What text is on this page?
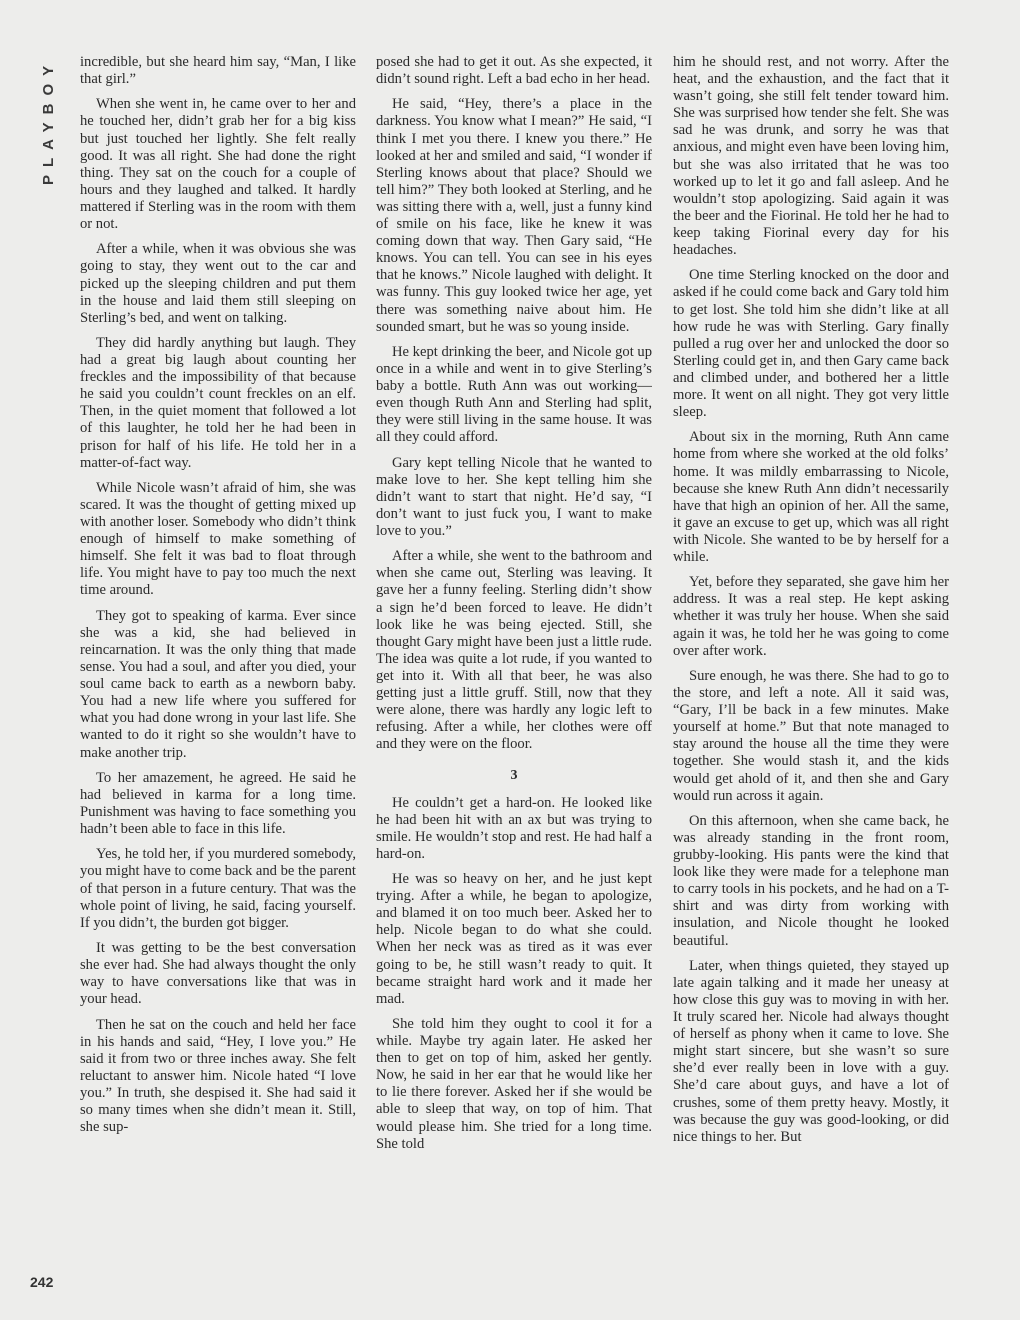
PLAYBOY	incredible, but she heard him say, “Man, I like that girl.”

When she went in, he came over to her and he touched her, didn’t grab her for a big kiss but just touched her lightly. She felt really good. It was all right. She had done the right thing. They sat on the couch for a couple of hours and they laughed and talked. It hardly mattered if Sterling was in the room with them or not.

After a while, when it was obvious she was going to stay, they went out to the car and picked up the sleeping children and put them in the house and laid them still sleeping on Sterling’s bed, and went on talking.

They did hardly anything but laugh. They had a great big laugh about counting her freckles and the impossibility of that because he said you couldn’t count freckles on an elf. Then, in the quiet moment that followed a lot of this laughter, he told her he had been in prison for half of his life. He told her in a matter-of-fact way.

While Nicole wasn’t afraid of him, she was scared. It was the thought of getting mixed up with another loser. Somebody who didn’t think enough of himself to make something of himself. She felt it was bad to float through life. You might have to pay too much the next time around.

They got to speaking of karma. Ever since she was a kid, she had believed in reincarnation. It was the only thing that made sense. You had a soul, and after you died, your soul came back to earth as a newborn baby. You had a new life where you suffered for what you had done wrong in your last life. She wanted to do it right so she wouldn’t have to make another trip.

To her amazement, he agreed. He said he had believed in karma for a long time. Punishment was having to face something you hadn’t been able to face in this life.

Yes, he told her, if you murdered somebody, you might have to come back and be the parent of that person in a future century. That was the whole point of living, he said, facing yourself. If you didn’t, the burden got bigger.

It was getting to be the best conversation she ever had. She had always thought the only way to have conversations like that was in your head.

Then he sat on the couch and held her face in his hands and said, “Hey, I love you.” He said it from two or three inches away. She felt reluctant to answer him. Nicole hated “I love you.” In truth, she despised it. She had said it so many times when she didn’t mean it. Still, she sup-

posed she had to get it out. As she expected, it didn’t sound right. Left a bad echo in her head.

He said, “Hey, there’s a place in the darkness. You know what I mean?” He said, “I think I met you there. I knew you there.” He looked at her and smiled and said, “I wonder if Sterling knows about that place? Should we tell him?” They both looked at Sterling, and he was sitting there with a, well, just a funny kind of smile on his face, like he knew it was coming down that way. Then Gary said, “He knows. You can tell. You can see in his eyes that he knows.” Nicole laughed with delight. It was funny. This guy looked twice her age, yet there was something naive about him. He sounded smart, but he was so young inside.

He kept drinking the beer, and Nicole got up once in a while and went in to give Sterling’s baby a bottle. Ruth Ann was out working—even though Ruth Ann and Sterling had split, they were still living in the same house. It was all they could afford.

Gary kept telling Nicole that he wanted to make love to her. She kept telling him she didn’t want to start that night. He’d say, “I don’t want to just fuck you, I want to make love to you.”

After a while, she went to the bathroom and when she came out, Sterling was leaving. It gave her a funny feeling. Sterling didn’t show a sign he’d been forced to leave. He didn’t look like he was being ejected. Still, she thought Gary might have been just a little rude. The idea was quite a lot rude, if you wanted to get into it. With all that beer, he was also getting just a little gruff. Still, now that they were alone, there was hardly any logic left to refusing. After a while, her clothes were off and they were on the floor.

3

He couldn’t get a hard-on. He looked like he had been hit with an ax but was trying to smile. He wouldn’t stop and rest. He had half a hard-on.

He was so heavy on her, and he just kept trying. After a while, he began to apologize, and blamed it on too much beer. Asked her to help. Nicole began to do what she could. When her neck was as tired as it was ever going to be, he still wasn’t ready to quit. It became straight hard work and it made her mad.

She told him they ought to cool it for a while. Maybe try again later. He asked her then to get on top of him, asked her gently. Now, he said in her ear that he would like her to lie there forever. Asked her if she would be able to sleep that way, on top of him. That would please him. She tried for a long time. She told

him he should rest, and not worry. After the heat, and the exhaustion, and the fact that it wasn’t going, she still felt tender toward him. She was surprised how tender she felt. She was sad he was drunk, and sorry he was that anxious, and might even have been loving him, but she was also irritated that he was too worked up to let it go and fall asleep. And he wouldn’t stop apologizing. Said again it was the beer and the Fiorinal. He told her he had to keep taking Fiorinal every day for his headaches.

One time Sterling knocked on the door and asked if he could come back and Gary told him to get lost. She told him she didn’t like at all how rude he was with Sterling. Gary finally pulled a rug over her and unlocked the door so Sterling could get in, and then Gary came back and climbed under, and bothered her a little more. It went on all night. They got very little sleep.

About six in the morning, Ruth Ann came home from where she worked at the old folks’ home. It was mildly embarrassing to Nicole, because she knew Ruth Ann didn’t necessarily have that high an opinion of her. All the same, it gave an excuse to get up, which was all right with Nicole. She wanted to be by herself for a while.

Yet, before they separated, she gave him her address. It was a real step. He kept asking whether it was truly her house. When she said again it was, he told her he was going to come over after work.

Sure enough, he was there. She had to go to the store, and left a note. All it said was, “Gary, I’ll be back in a few minutes. Make yourself at home.” But that note managed to stay around the house all the time they were together. She would stash it, and the kids would get ahold of it, and then she and Gary would run across it again.

On this afternoon, when she came back, he was already standing in the front room, grubby-looking. His pants were the kind that look like they were made for a telephone man to carry tools in his pockets, and he had on a T-shirt and was dirty from working with insulation, and Nicole thought he looked beautiful.

Later, when things quieted, they stayed up late again talking and it made her uneasy at how close this guy was to moving in with her. It truly scared her. Nicole had always thought of herself as phony when it came to love. She might start sincere, but she wasn’t so sure she’d ever really been in love with a guy. She’d care about guys, and have a lot of crushes, some of them pretty heavy. Mostly, it was because the guy was good-looking, or did nice things to her. But

242
